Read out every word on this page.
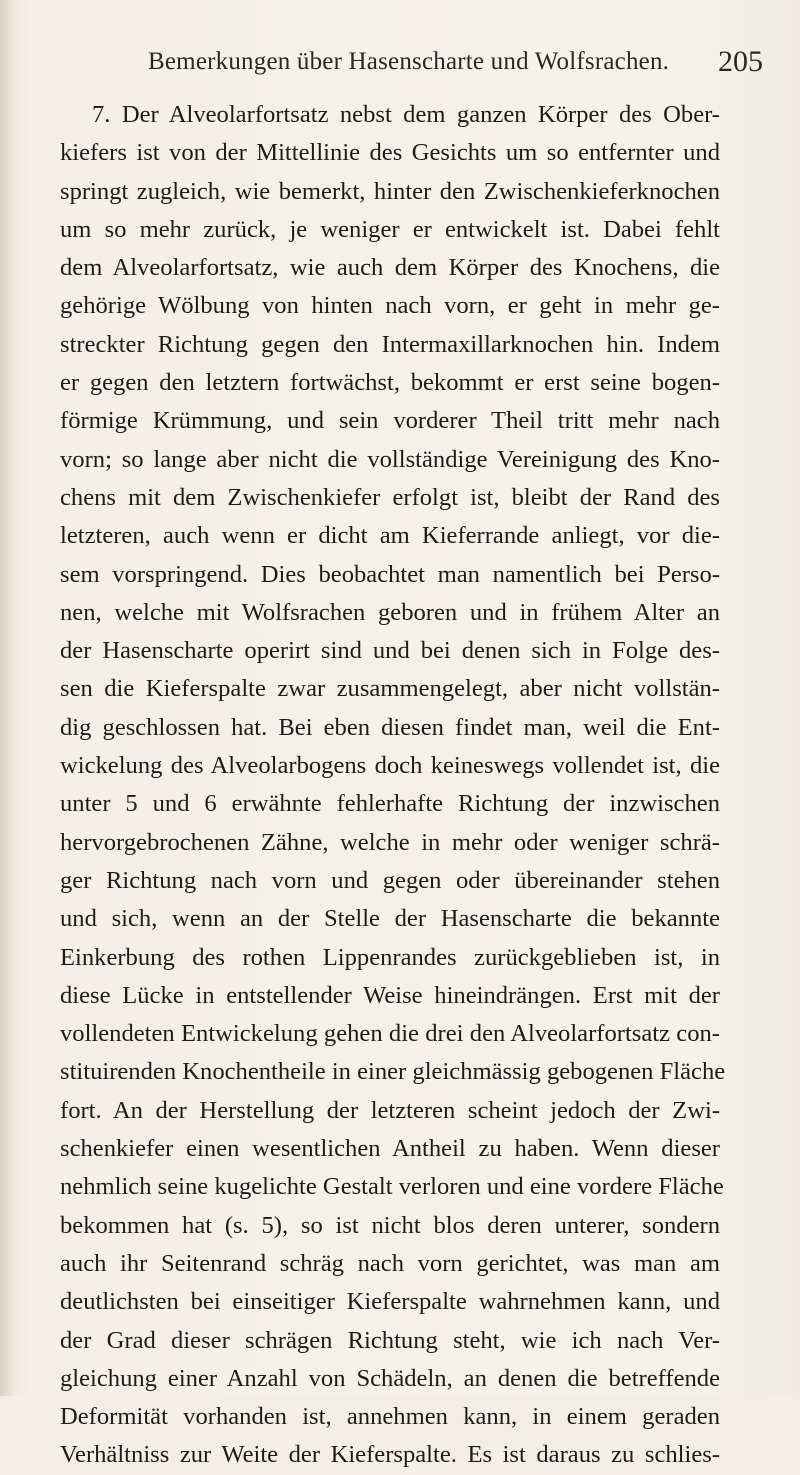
Bemerkungen über Hasenscharte und Wolfsrachen. 205
7. Der Alveolarfortsatz nebst dem ganzen Körper des Ober-
kiefers ist von der Mittellinie des Gesichts um so entfernter und
springt zugleich, wie bemerkt, hinter den Zwischenkieferknochen
um so mehr zurück, je weniger er entwickelt ist. Dabei fehlt
dem Alveolarfortsatz, wie auch dem Körper des Knochens, die
gehörige Wölbung von hinten nach vorn, er geht in mehr ge-
streckter Richtung gegen den Intermaxillarknochen hin. Indem
er gegen den letztern fortwächst, bekommt er erst seine bogen-
förmige Krümmung, und sein vorderer Theil tritt mehr nach
vorn; so lange aber nicht die vollständige Vereinigung des Kno-
chens mit dem Zwischenkiefer erfolgt ist, bleibt der Rand des
letzteren, auch wenn er dicht am Kieferrande anliegt, vor die-
sem vorspringend. Dies beobachtet man namentlich bei Perso-
nen, welche mit Wolfsrachen geboren und in frühem Alter an
der Hasenscharte operirt sind und bei denen sich in Folge des-
sen die Kieferspalte zwar zusammengelegt, aber nicht vollstän-
dig geschlossen hat. Bei eben diesen findet man, weil die Ent-
wickelung des Alveolarbogens doch keineswegs vollendet ist, die
unter 5 und 6 erwähnte fehlerhafte Richtung der inzwischen
hervorgebrochenen Zähne, welche in mehr oder weniger schrä-
ger Richtung nach vorn und gegen oder übereinander stehen
und sich, wenn an der Stelle der Hasenscharte die bekannte
Einkerbung des rothen Lippenrandes zurückgeblieben ist, in
diese Lücke in entstellender Weise hineindrängen. Erst mit der
vollendeten Entwickelung gehen die drei den Alveolarfortsatz con-
stituirenden Knochentheile in einer gleichmässig gebogenen Fläche
fort. An der Herstellung der letzteren scheint jedoch der Zwi-
schenkiefer einen wesentlichen Antheil zu haben. Wenn dieser
nehmlich seine kugelichte Gestalt verloren und eine vordere Fläche
bekommen hat (s. 5), so ist nicht blos deren unterer, sondern
auch ihr Seitenrand schräg nach vorn gerichtet, was man am
deutlichsten bei einseitiger Kieferspalte wahrnehmen kann, und
der Grad dieser schrägen Richtung steht, wie ich nach Ver-
gleichung einer Anzahl von Schädeln, an denen die betreffende
Deformität vorhanden ist, annehmen kann, in einem geraden
Verhältniss zur Weite der Kieferspalte. Es ist daraus zu schlies-
